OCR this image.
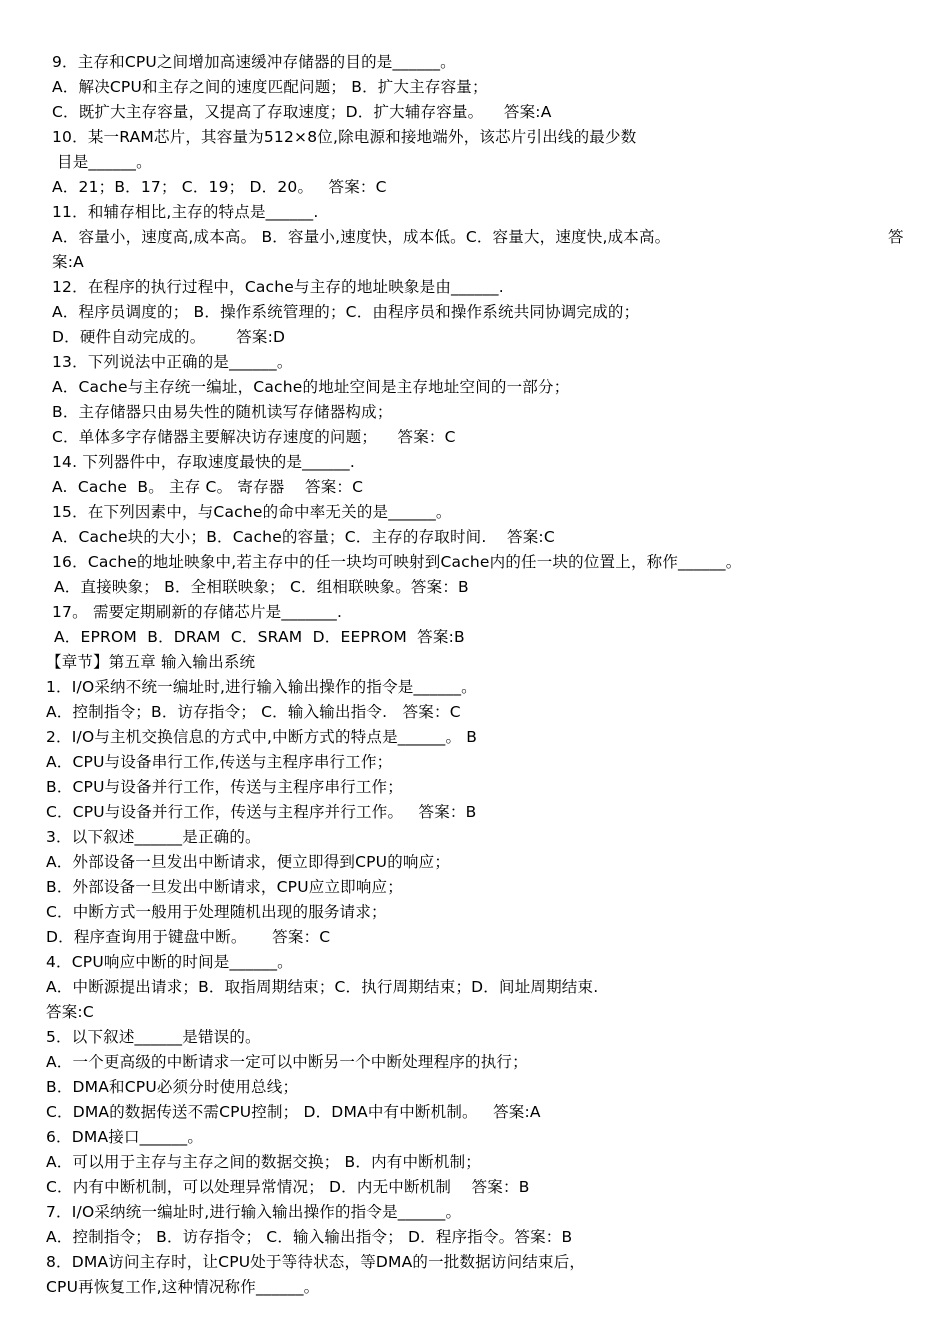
9．主存和CPU之间增加高速缓冲存储器的目的是______。
A．解决CPU和主存之间的速度匹配问题； B．扩大主存容量；
C．既扩大主存容量，又提高了存取速度；D．扩大辅存容量。    答案:A
10．某一RAM芯片，其容量为512×8位,除电源和接地端外，该芯片引出线的最少数
目是______。
A．21；B．17； C．19； D．20。   答案：C
11．和辅存相比,主存的特点是______.
A．容量小，速度高,成本高。 B．容量小,速度快，成本低。C．容量大，速度快,成本高。	答
案:A
12．在程序的执行过程中，Cache与主存的地址映象是由______.
A．程序员调度的； B．操作系统管理的；C．由程序员和操作系统共同协调完成的；
D．硬件自动完成的。      答案:D
13．下列说法中正确的是______。
A．Cache与主存统一编址，Cache的地址空间是主存地址空间的一部分；
B．主存储器只由易失性的随机读写存储器构成；
C．单体多字存储器主要解决访存速度的问题；    答案：C
14. 下列器件中，存取速度最快的是______.
A.  Cache  B。 主存 C。 寄存器    答案：C
15．在下列因素中，与Cache的命中率无关的是______。
A．Cache块的大小；B．Cache的容量；C．主存的存取时间.    答案:C
16．Cache的地址映象中,若主存中的任一块均可映射到Cache内的任一块的位置上，称作______。
A．直接映象； B．全相联映象； C．组相联映象。答案：B
17。 需要定期刷新的存储芯片是_______.
A．EPROM  B．DRAM  C．SRAM  D．EEPROM  答案:B
【章节】第五章 输入输出系统
1．I/O采纳不统一编址时,进行输入输出操作的指令是______。
A．控制指令；B．访存指令； C．输入输出指令.   答案：C
2．I/O与主机交换信息的方式中,中断方式的特点是______。 B
A．CPU与设备串行工作,传送与主程序串行工作；
B．CPU与设备并行工作，传送与主程序串行工作；
C．CPU与设备并行工作，传送与主程序并行工作。   答案：B
3．以下叙述______是正确的。
A．外部设备一旦发出中断请求，便立即得到CPU的响应；
B．外部设备一旦发出中断请求，CPU应立即响应；
C．中断方式一般用于处理随机出现的服务请求；
D．程序查询用于键盘中断。     答案：C
4．CPU响应中断的时间是______。
A．中断源提出请求；B．取指周期结束；C．执行周期结束；D．间址周期结束.
答案:C
5．以下叙述______是错误的。
A．一个更高级的中断请求一定可以中断另一个中断处理程序的执行；
B．DMA和CPU必须分时使用总线；
C．DMA的数据传送不需CPU控制； D．DMA中有中断机制。   答案:A
6．DMA接口______。
A．可以用于主存与主存之间的数据交换； B．内有中断机制；
C．内有中断机制，可以处理异常情况； D．内无中断机制    答案：B
7．I/O采纳统一编址时,进行输入输出操作的指令是______。
A．控制指令； B．访存指令； C．输入输出指令； D．程序指令。答案：B
8．DMA访问主存时，让CPU处于等待状态，等DMA的一批数据访问结束后，
CPU再恢复工作,这种情况称作______。
